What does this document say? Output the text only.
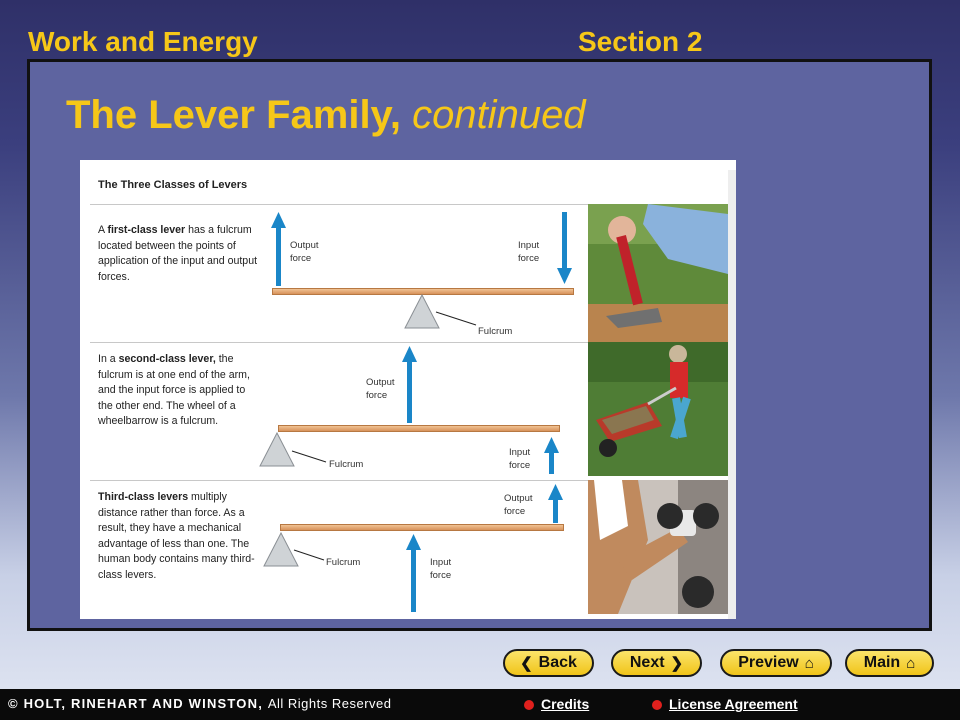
Work and Energy	Section 2
The Lever Family, continued
The Three Classes of Levers
A first-class lever has a fulcrum located between the points of application of the input and output forces.
Output force
Input force
Fulcrum
In a second-class lever, the fulcrum is at one end of the arm, and the input force is applied to the other end. The wheel of a wheelbarrow is a fulcrum.
Output force
Input force
Fulcrum
Third-class levers multiply distance rather than force. As a result, they have a mechanical advantage of less than one. The human body contains many third-class levers.
Output force
Input force
Fulcrum
❮ Back	Next ❯	Preview ⌂	Main ⌂
© HOLT, RINEHART AND WINSTON, All Rights Reserved	Credits	License Agreement
